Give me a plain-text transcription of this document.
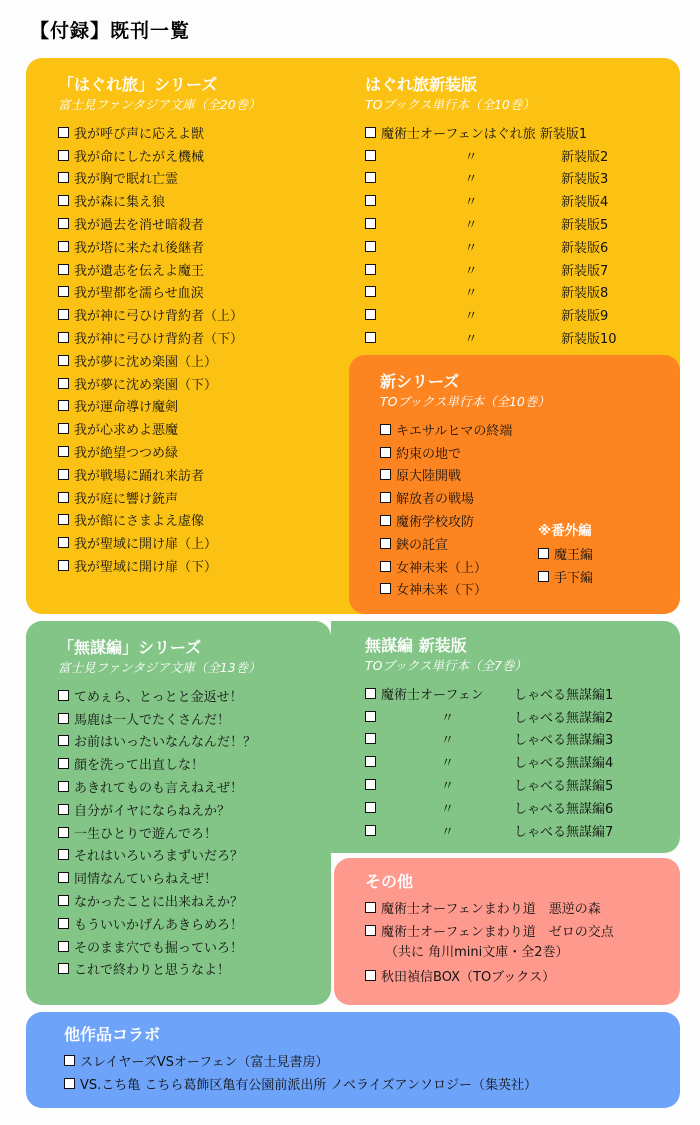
【付録】既刊一覧
「はぐれ旅」シリーズ
富士見ファンタジア文庫（全20巻）
我が呼び声に応えよ獣
我が命にしたがえ機械
我が胸で眠れ亡霊
我が森に集え狼
我が過去を消せ暗殺者
我が塔に来たれ後継者
我が遺志を伝えよ魔王
我が聖都を濡らせ血涙
我が神に弓ひけ背約者（上）
我が神に弓ひけ背約者（下）
我が夢に沈め楽園（上）
我が夢に沈め楽園（下）
我が運命導け魔剣
我が心求めよ悪魔
我が絶望つつめ緑
我が戦場に踊れ来訪者
我が庭に響け銃声
我が館にさまよえ虚像
我が聖域に開け扉（上）
我が聖域に開け扉（下）
はぐれ旅新装版
TOブックス単行本（全10巻）
魔術士オーフェンはぐれ旅 新装版1
〃	新装版2
〃	新装版3
〃	新装版4
〃	新装版5
〃	新装版6
〃	新装版7
〃	新装版8
〃	新装版9
〃	新装版10
新シリーズ
TOブックス単行本（全10巻）
キエサルヒマの終端
約束の地で
原大陸開戦
解放者の戦場
魔術学校攻防
鋏の託宣
女神未来（上）
女神未来（下）
※番外編
魔王編
手下編
「無謀編」シリーズ
富士見ファンタジア文庫（全13巻）
てめぇら、とっとと金返せ！
馬鹿は一人でたくさんだ！
お前はいったいなんなんだ！？
顔を洗って出直しな！
あきれてものも言えねえぜ！
自分がイヤにならねえか？
一生ひとりで遊んでろ！
それはいろいろまずいだろ？
同情なんていらねえぜ！
なかったことに出来ねえか？
もういいかげんあきらめろ！
そのまま穴でも掘っていろ！
これで終わりと思うなよ！
無謀編 新装版
TOブックス単行本（全7巻）
魔術士オーフェン	しゃべる無謀編1
〃	しゃべる無謀編2
〃	しゃべる無謀編3
〃	しゃべる無謀編4
〃	しゃべる無謀編5
〃	しゃべる無謀編6
〃	しゃべる無謀編7
その他
魔術士オーフェンまわり道　悪逆の森
魔術士オーフェンまわり道　ゼロの交点
（共に 角川mini文庫・全2巻）
秋田禎信BOX（TOブックス）
他作品コラボ
スレイヤーズVSオーフェン（富士見書房）
VS.こち亀 こちら葛飾区亀有公園前派出所 ノベライズアンソロジー（集英社）
